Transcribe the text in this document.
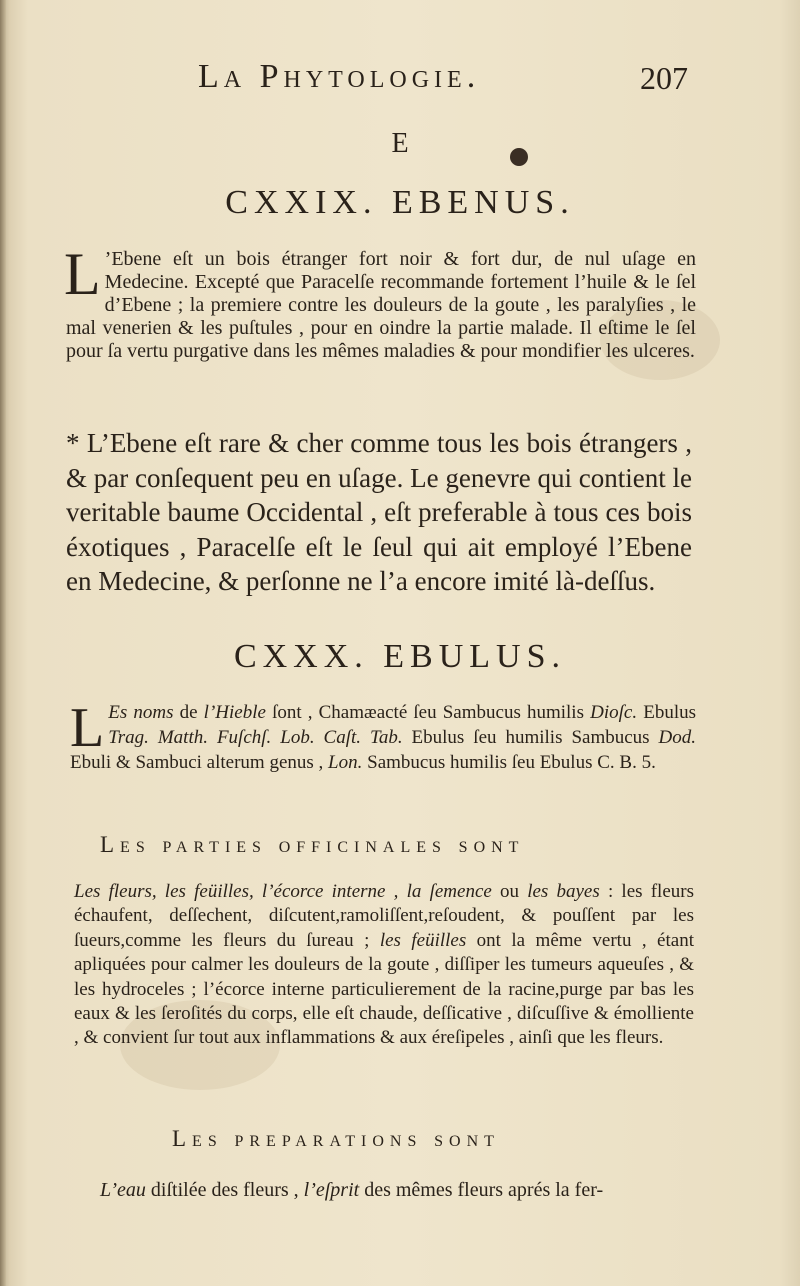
La Phytologie.	207
E
CXXIX. EBENUS.
L ’Ebene eſt un bois étranger fort noir & fort dur, de nul uſage en Medecine. Excepté que Paracelſe recommande fortement l’huile & le ſel d’Ebene ; la premiere contre les douleurs de la goute , les paralyſies , le mal venerien & les puſtules , pour en oindre la partie malade. Il eſtime le ſel pour ſa vertu purgative dans les mêmes maladies & pour mondifier les ulceres.
* L’Ebene eſt rare & cher comme tous les bois étrangers , & par conſequent peu en uſage. Le genevre qui contient le veritable baume Occidental , eſt preferable à tous ces bois éxotiques , Paracelſe eſt le ſeul qui ait employé l’Ebene en Medecine, & perſonne ne l’a encore imité là-deſſus.
CXXX. EBULUS.
L Es noms de l’Hieble ſont , Chamæacté ſeu Sambucus humilis Dioſc. Ebulus Trag. Matth. Fuſchſ. Lob. Caſt. Tab. Ebulus ſeu humilis Sambucus Dod. Ebuli & Sambuci alterum genus , Lon. Sambucus humilis ſeu Ebulus C. B. 5.
Les parties officinales sont
Les fleurs, les feüilles, l’écorce interne , la ſemence ou les bayes : les fleurs échaufent, deſſechent, diſcutent,ramoliſſent,reſoudent, & pouſſent par les ſueurs,comme les fleurs du ſureau ; les feüilles ont la même vertu , étant apliquées pour calmer les douleurs de la goute , diſſiper les tumeurs aqueuſes , & les hydroceles ; l’écorce interne particulierement de la racine,purge par bas les eaux & les ſeroſités du corps, elle eſt chaude, deſſicative , diſcuſſive & émolliente , & convient ſur tout aux inflammations & aux éreſipeles , ainſi que les fleurs.
Les preparations sont
L’eau diſtilée des fleurs , l’eſprit des mêmes fleurs aprés la fer-
